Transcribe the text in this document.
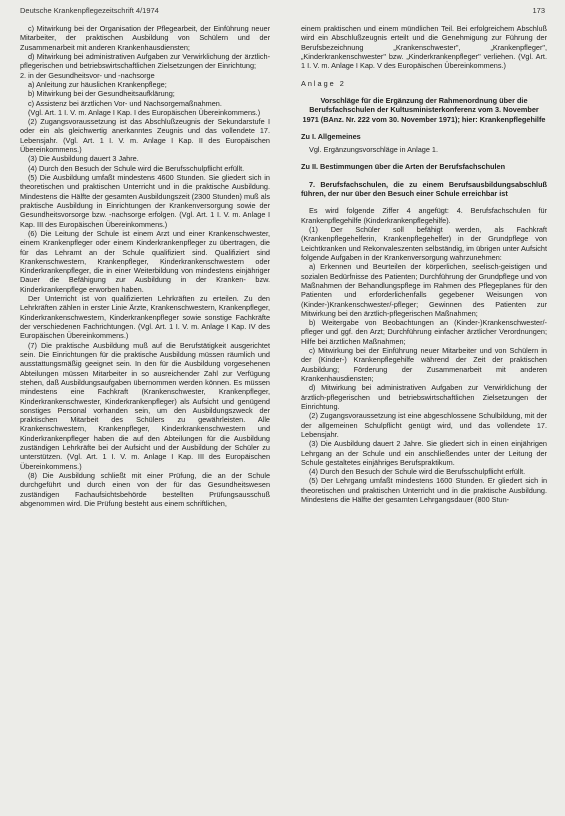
Deutsche Krankenpflegezeitschrift 4/1974	173

c) Mitwirkung bei der Organisation der Pflegearbeit, der Einführung neuer Mitarbeiter, der praktischen Ausbildung von Schülern und der Zusammenarbeit mit anderen Krankenhausdiensten;

d) Mitwirkung bei administrativen Aufgaben zur Verwirklichung der ärztlich-pflegerischen und betriebswirtschaftlichen Zielsetzungen der Einrichtung;

2. in der Gesundheitsvor- und -nachsorge

a) Anleitung zur häuslichen Krankenpflege;

b) Mitwirkung bei der Gesundheitsaufklärung;

c) Assistenz bei ärztlichen Vor- und Nachsorgemaßnahmen.

(Vgl. Art. 1 I. V. m. Anlage I Kap. I des Europäischen Übereinkommens.)

(2) Zugangsvoraussetzung ist das Abschlußzeugnis der Sekundarstufe I oder ein als gleichwertig anerkanntes Zeugnis und das vollendete 17. Lebensjahr. (Vgl. Art. 1 I. V. m. Anlage I Kap. II des Europäischen Übereinkommens.)

(3) Die Ausbildung dauert 3 Jahre.

(4) Durch den Besuch der Schule wird die Berufsschulpflicht erfüllt.

(5) Die Ausbildung umfaßt mindestens 4600 Stunden. Sie gliedert sich in theoretischen und praktischen Unterricht und in die praktische Ausbildung. Mindestens die Hälfte der gesamten Ausbildungszeit (2300 Stunden) muß als praktische Ausbildung in Einrichtungen der Krankenversorgung sowie der Gesundheitsvorsorge bzw. -nachsorge erfolgen. (Vgl. Art. 1 I. V. m. Anlage I Kap. III des Europäischen Übereinkommens.)

(6) Die Leitung der Schule ist einem Arzt und einer Krankenschwester, einem Krankenpfleger oder einem Kinderkrankenpfleger zu übertragen, die für das Lehramt an der Schule qualifiziert sind. Qualifiziert sind Krankenschwestern, Krankenpfleger, Kinderkrankenschwestern oder Kinderkrankenpfleger, die in einer Weiterbildung von mindestens einjähriger Dauer die Befähigung zur Ausbildung in der Kranken- bzw. Kinderkrankenpflege erworben haben.

Der Unterricht ist von qualifizierten Lehrkräften zu erteilen. Zu den Lehrkräften zählen in erster Linie Ärzte, Krankenschwestern, Krankenpfleger, Kinderkrankenschwestern, Kinderkrankenpfleger sowie sonstige Fachkräfte der verschiedenen Fachrichtungen. (Vgl. Art. 1 I. V. m. Anlage I Kap. IV des Europäischen Übereinkommens.)

(7) Die praktische Ausbildung muß auf die Berufstätigkeit ausgerichtet sein. Die Einrichtungen für die praktische Ausbildung müssen räumlich und ausstattungsmäßig geeignet sein. In den für die Ausbildung vorgesehenen Abteilungen müssen Mitarbeiter in so ausreichender Zahl zur Verfügung stehen, daß Ausbildungsaufgaben übernommen werden können. Es müssen mindestens eine Fachkraft (Krankenschwester, Krankenpfleger, Kinderkrankenschwester, Kinderkrankenpfleger) als Aufsicht und genügend sonstiges Personal vorhanden sein, um den Ausbildungszweck der praktischen Mitarbeit des Schülers zu gewährleisten. Alle Krankenschwestern, Krankenpfleger, Kinderkrankenschwestern und Kinderkrankenpfleger haben die auf den Abteilungen für die Ausbildung zuständigen Lehrkräfte bei der Aufsicht und der Ausbildung der Schüler zu unterstützen. (Vgl. Art. 1 I. V. m. Anlage I Kap. III des Europäischen Übereinkommens.)

(8) Die Ausbildung schließt mit einer Prüfung, die an der Schule durchgeführt und durch einen von der für das Gesundheitswesen zuständigen Fachaufsichtsbehörde bestellten Prüfungsausschuß abgenommen wird. Die Prüfung besteht aus einem schriftlichen,

einem praktischen und einem mündlichen Teil. Bei erfolgreichem Abschluß wird ein Abschlußzeugnis erteilt und die Genehmigung zur Führung der Berufsbezeichnung „Krankenschwester", „Krankenpfleger", „Kinderkrankenschwester" bzw. „Kinderkrankenpfleger" verliehen. (Vgl. Art. 1 I. V. m. Anlage I Kap. V des Europäischen Übereinkommens.)

Anlage 2

Vorschläge für die Ergänzung der Rahmenordnung über die Berufsfachschulen der Kultusministerkonferenz vom 3. November 1971 (BAnz. Nr. 222 vom 30. November 1971); hier: Krankenpflegehilfe

Zu I. Allgemeines

Vgl. Ergänzungsvorschläge in Anlage 1.

Zu II. Bestimmungen über die Arten der Berufsfachschulen

7. Berufsfachschulen, die zu einem Berufsausbildungsabschluß führen, der nur über den Besuch einer Schule erreichbar ist

Es wird folgende Ziffer 4 angefügt: 4. Berufsfachschulen für Krankenpflegehilfe (Kinderkrankenpflegehilfe).

(1) Der Schüler soll befähigt werden, als Fachkraft (Krankenpflegehelferin, Krankenpflegehelfer) in der Grundpflege von Leichtkranken und Rekonvaleszenten selbständig, im übrigen unter Aufsicht folgende Aufgaben in der Krankenversorgung wahrzunehmen:

a) Erkennen und Beurteilen der körperlichen, seelisch-geistigen und sozialen Bedürfnisse des Patienten; Durchführung der Grundpflege und von Maßnahmen der Behandlungspflege im Rahmen des Pflegeplanes für den Patienten und erforderlichenfalls gegebener Weisungen von (Kinder-)Krankenschwester/-pfleger; Gewinnen des Patienten zur Mitwirkung bei den ärztlich-pflegerischen Maßnahmen;

b) Weitergabe von Beobachtungen an (Kinder-)Krankenschwester/-pfleger und ggf. den Arzt; Durchführung einfacher ärztlicher Verordnungen; Hilfe bei ärztlichen Maßnahmen;

c) Mitwirkung bei der Einführung neuer Mitarbeiter und von Schülern in der (Kinder-) Krankenpflegehilfe während der Zeit der praktischen Ausbildung; Förderung der Zusammenarbeit mit anderen Krankenhausdiensten;

d) Mitwirkung bei administrativen Aufgaben zur Verwirklichung der ärztlich-pflegerischen und betriebswirtschaftlichen Zielsetzungen der Einrichtung.

(2) Zugangsvoraussetzung ist eine abgeschlossene Schulbildung, mit der der allgemeinen Schulpflicht genügt wird, und das vollendete 17. Lebensjahr.

(3) Die Ausbildung dauert 2 Jahre. Sie gliedert sich in einen einjährigen Lehrgang an der Schule und ein anschließendes unter der Leitung der Schule gestaltetes einjähriges Berufspraktikum.

(4) Durch den Besuch der Schule wird die Berufsschulpflicht erfüllt.

(5) Der Lehrgang umfaßt mindestens 1600 Stunden. Er gliedert sich in theoretischen und praktischen Unterricht und in die praktische Ausbildung. Mindestens die Hälfte der gesamten Lehrgangsdauer (800 Stun-
